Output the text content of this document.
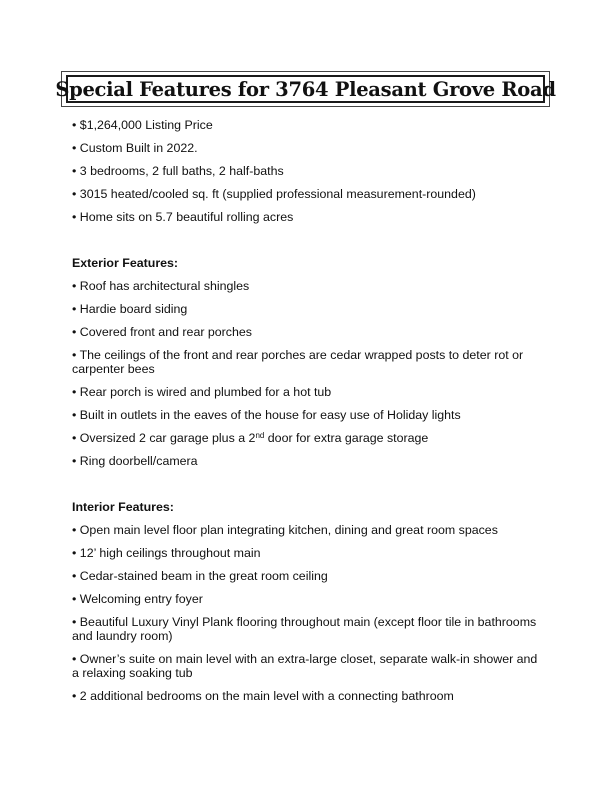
Special Features for 3764 Pleasant Grove Road
• $1,264,000 Listing Price
• Custom Built in 2022.
• 3 bedrooms, 2 full baths, 2 half-baths
• 3015 heated/cooled sq. ft (supplied professional measurement-rounded)
• Home sits on 5.7 beautiful rolling acres
Exterior Features:
• Roof has architectural shingles
• Hardie board siding
• Covered front and rear porches
• The ceilings of the front and rear porches are cedar wrapped posts to deter rot or carpenter bees
• Rear porch is wired and plumbed for a hot tub
• Built in outlets in the eaves of the house for easy use of Holiday lights
• Oversized 2 car garage plus a 2nd door for extra garage storage
• Ring doorbell/camera
Interior Features:
• Open main level floor plan integrating kitchen, dining and great room spaces
• 12’ high ceilings throughout main
• Cedar-stained beam in the great room ceiling
• Welcoming entry foyer
• Beautiful Luxury Vinyl Plank flooring throughout main (except floor tile in bathrooms and laundry room)
• Owner’s suite on main level with an extra-large closet, separate walk-in shower and a relaxing soaking tub
• 2 additional bedrooms on the main level with a connecting bathroom
